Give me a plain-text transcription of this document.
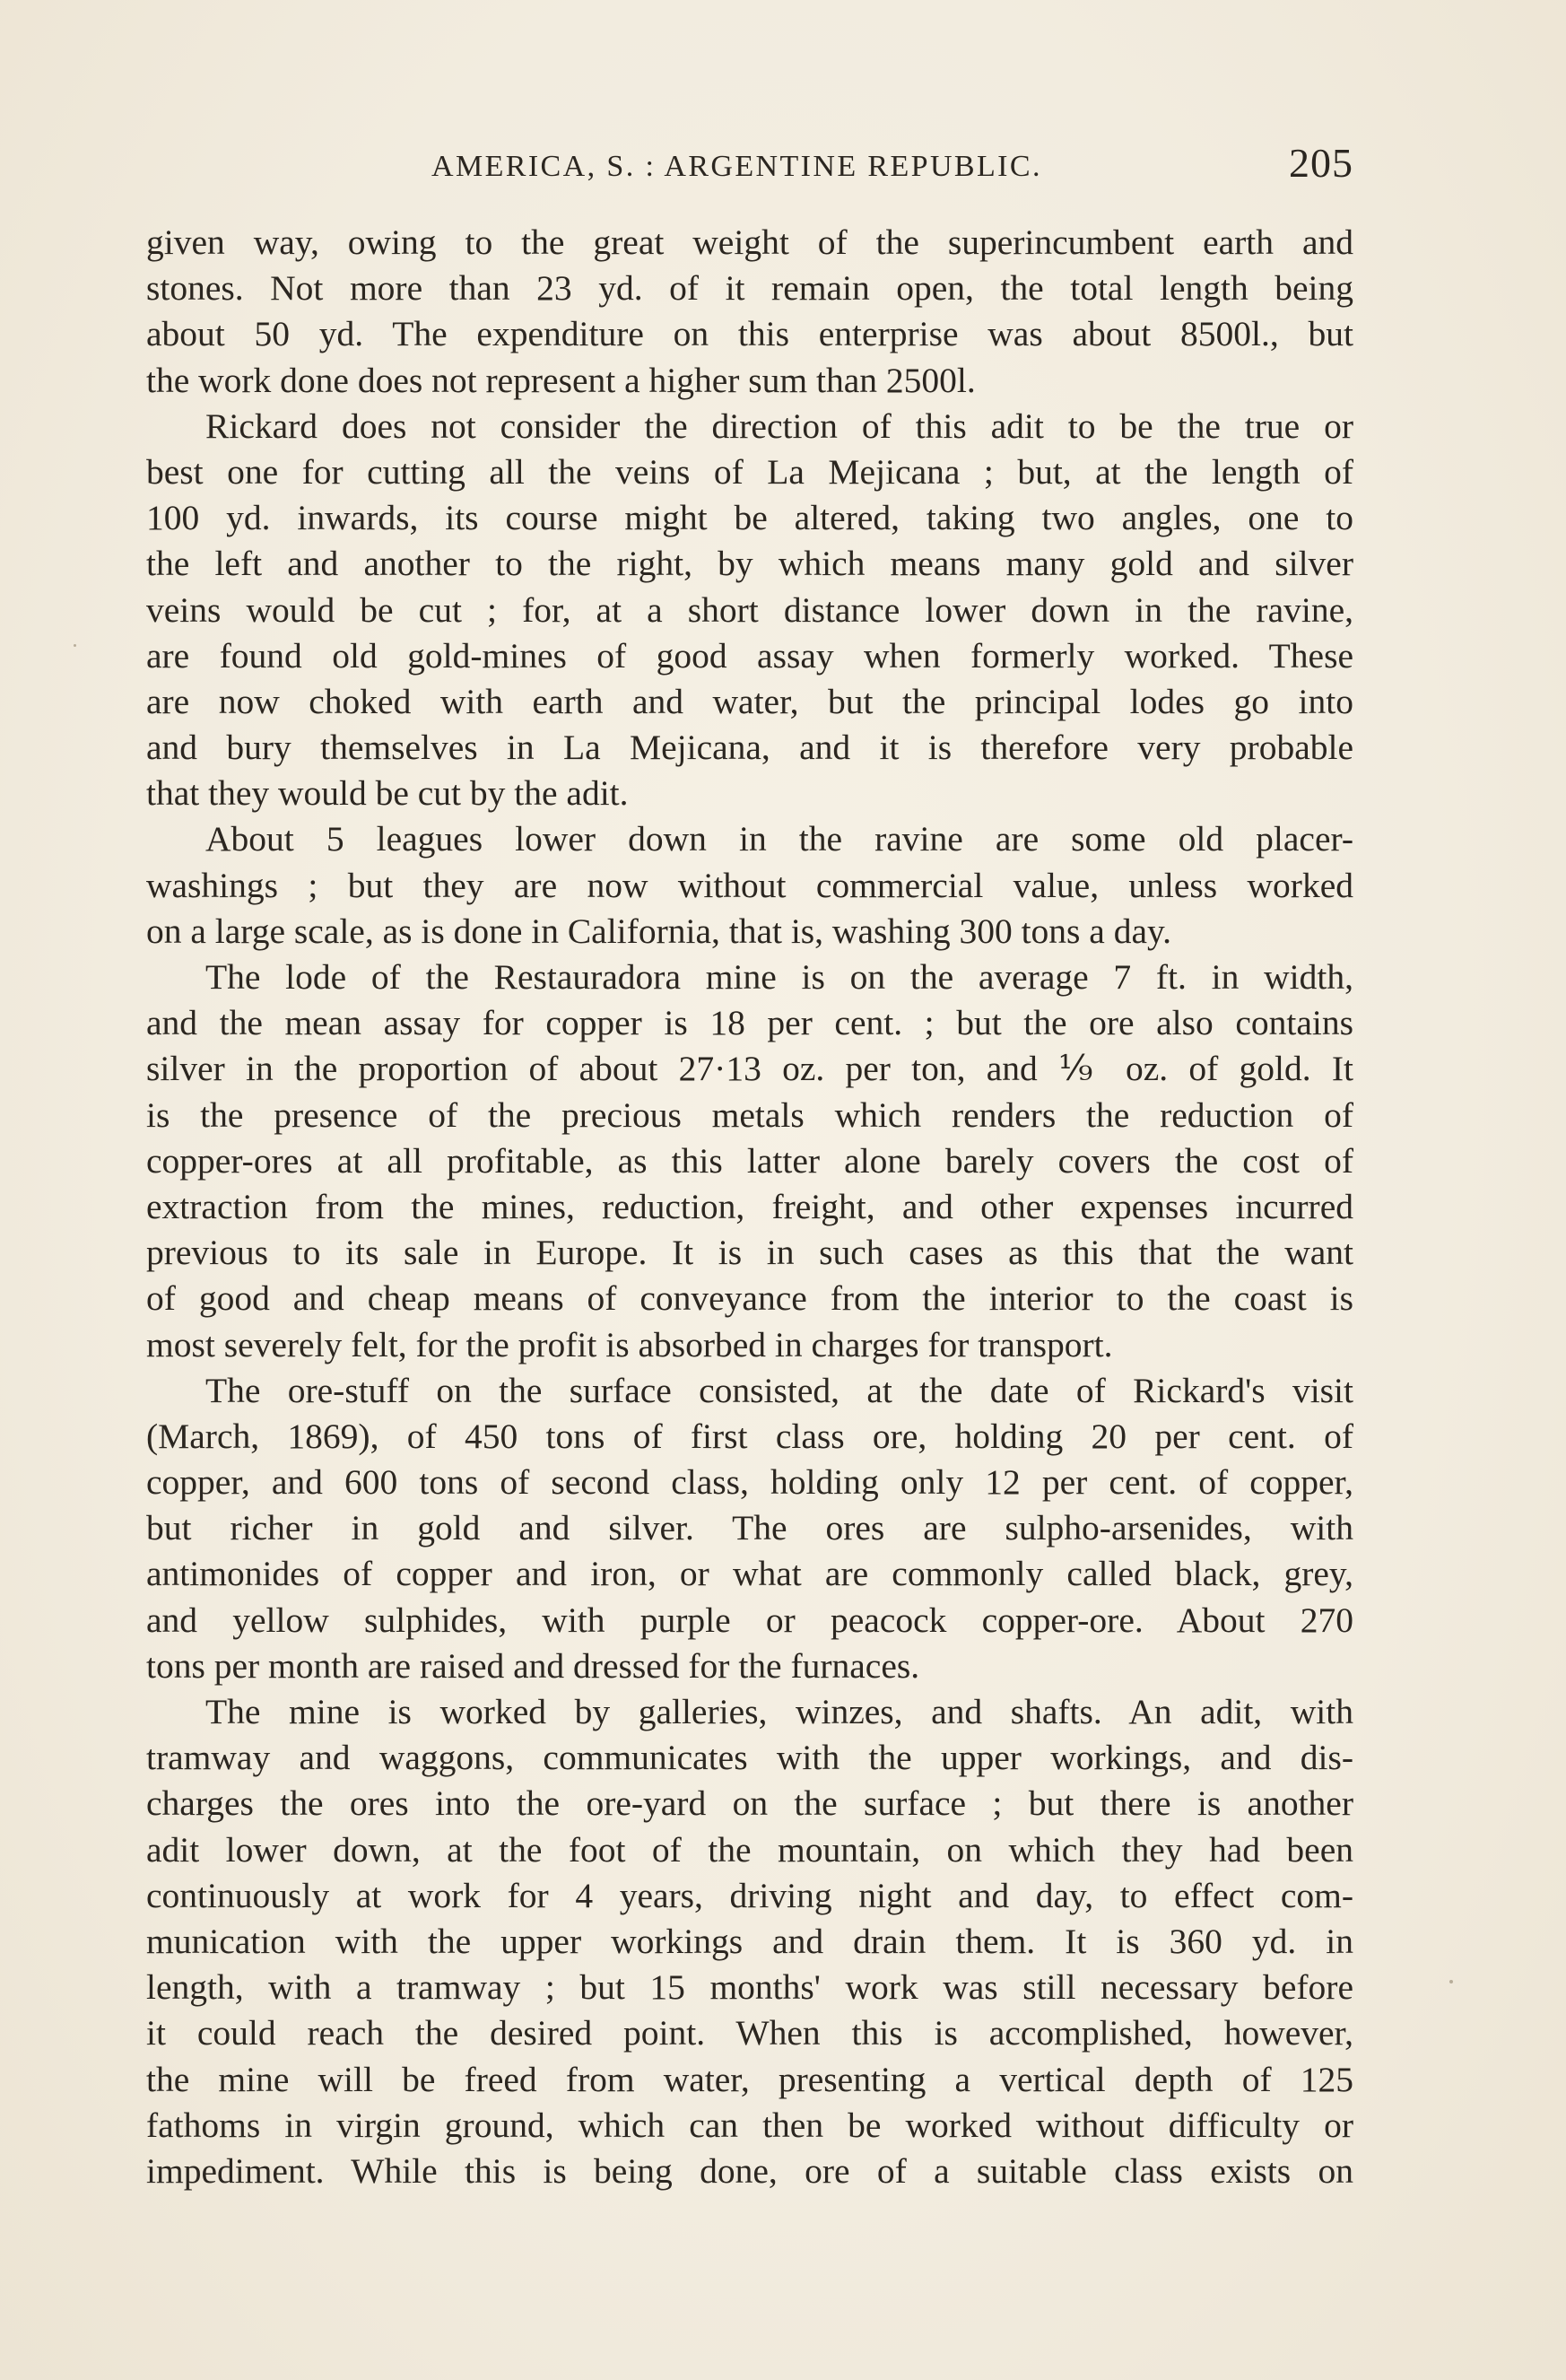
AMERICA, S. : ARGENTINE REPUBLIC.	205
given way, owing to the great weight of the superincumbent earth and
stones. Not more than 23 yd. of it remain open, the total length being
about 50 yd. The expenditure on this enterprise was about 8500l., but
the work done does not represent a higher sum than 2500l.
Rickard does not consider the direction of this adit to be the true or
best one for cutting all the veins of La Mejicana ; but, at the length of
100 yd. inwards, its course might be altered, taking two angles, one to
the left and another to the right, by which means many gold and silver
veins would be cut ; for, at a short distance lower down in the ravine,
are found old gold-mines of good assay when formerly worked. These
are now choked with earth and water, but the principal lodes go into
and bury themselves in La Mejicana, and it is therefore very probable
that they would be cut by the adit.
About 5 leagues lower down in the ravine are some old placer-
washings ; but they are now without commercial value, unless worked
on a large scale, as is done in California, that is, washing 300 tons a day.
The lode of the Restauradora mine is on the average 7 ft. in width,
and the mean assay for copper is 18 per cent. ; but the ore also contains
silver in the proportion of about 27·13 oz. per ton, and ⅑ oz. of gold. It
is the presence of the precious metals which renders the reduction of
copper-ores at all profitable, as this latter alone barely covers the cost of
extraction from the mines, reduction, freight, and other expenses incurred
previous to its sale in Europe. It is in such cases as this that the want
of good and cheap means of conveyance from the interior to the coast is
most severely felt, for the profit is absorbed in charges for transport.
The ore-stuff on the surface consisted, at the date of Rickard's visit
(March, 1869), of 450 tons of first class ore, holding 20 per cent. of
copper, and 600 tons of second class, holding only 12 per cent. of copper,
but richer in gold and silver. The ores are sulpho-arsenides, with
antimonides of copper and iron, or what are commonly called black, grey,
and yellow sulphides, with purple or peacock copper-ore. About 270
tons per month are raised and dressed for the furnaces.
The mine is worked by galleries, winzes, and shafts. An adit, with
tramway and waggons, communicates with the upper workings, and dis-
charges the ores into the ore-yard on the surface ; but there is another
adit lower down, at the foot of the mountain, on which they had been
continuously at work for 4 years, driving night and day, to effect com-
munication with the upper workings and drain them. It is 360 yd. in
length, with a tramway ; but 15 months' work was still necessary before
it could reach the desired point. When this is accomplished, however,
the mine will be freed from water, presenting a vertical depth of 125
fathoms in virgin ground, which can then be worked without difficulty or
impediment. While this is being done, ore of a suitable class exists on
